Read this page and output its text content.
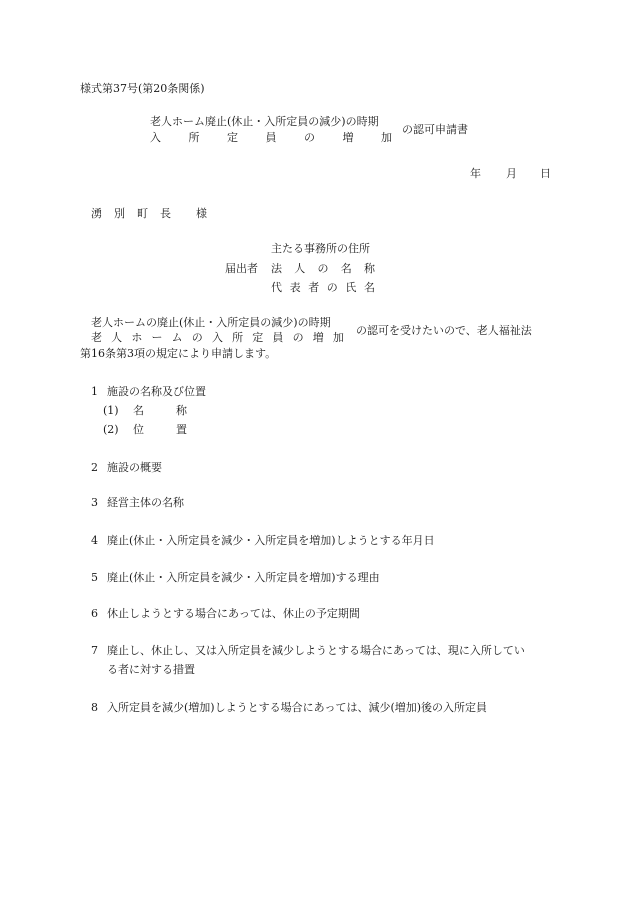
様式第37号(第20条関係)
老人ホーム廃止(休止・入所定員の減少)の時期
入	所	定	員	の	増	加
の認可申請書
年 月 日
湧 別 町 長 様
主たる事務所の住所
届出者 法 人 の 名 称
代 表 者 の 氏 名
老人ホームの廃止(休止・入所定員の減少)の時期
老 人 ホ ー ム の 入 所 定 員 の 増 加
の認可を受けたいので、老人福祉法
第16条第3項の規定により申請します。
1 施設の名称及び位置
(1) 名	称
(2) 位	置
2 施設の概要
3 経営主体の名称
4 廃止(休止・入所定員を減少・入所定員を増加)しようとする年月日
5 廃止(休止・入所定員を減少・入所定員を増加)する理由
6 休止しようとする場合にあっては、休止の予定期間
7 廃止し、休止し、又は入所定員を減少しようとする場合にあっては、現に入所してい
る者に対する措置
8 入所定員を減少(増加)しようとする場合にあっては、減少(増加)後の入所定員
